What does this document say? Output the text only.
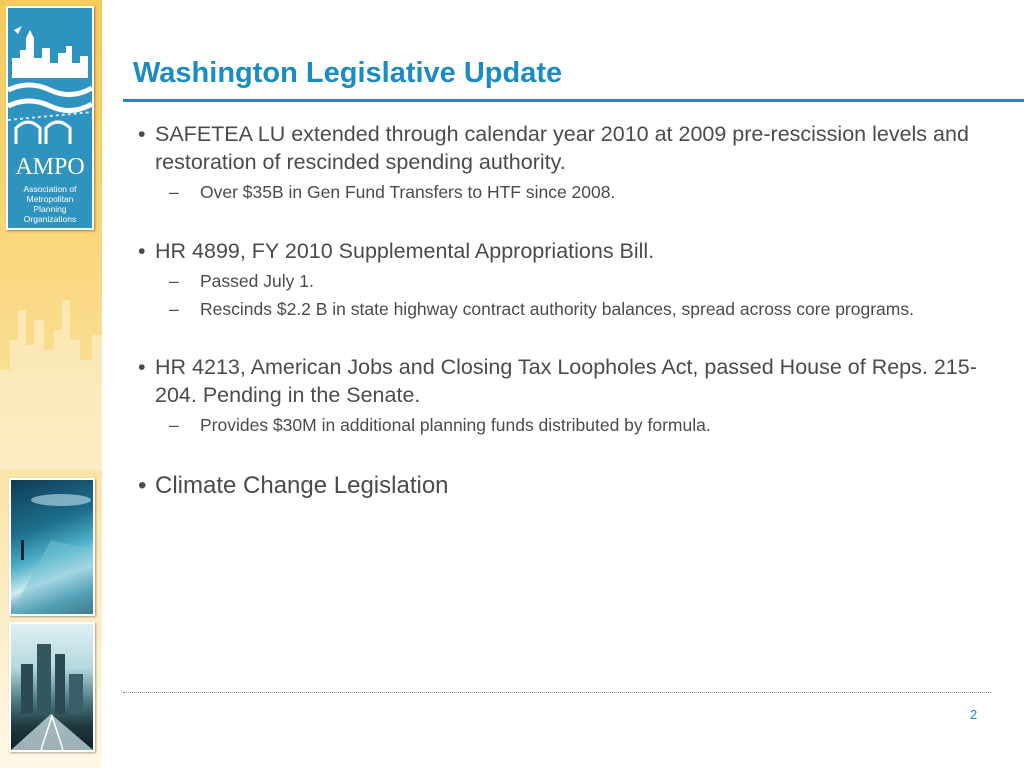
AMPO
Association of
Metropolitan
Planning
Organizations
Washington Legislative Update
• SAFETEA LU extended through calendar year 2010 at 2009 pre-rescission levels and restoration of rescinded spending authority.
– Over $35B in Gen Fund Transfers to HTF since 2008.
• HR 4899, FY 2010 Supplemental Appropriations Bill.
– Passed July 1.
– Rescinds $2.2 B in state highway contract authority balances, spread across core programs.
• HR 4213, American Jobs and Closing Tax Loopholes Act, passed House of Reps. 215-204. Pending in the Senate.
– Provides $30M in additional planning funds distributed by formula.
• Climate Change Legislation
2
